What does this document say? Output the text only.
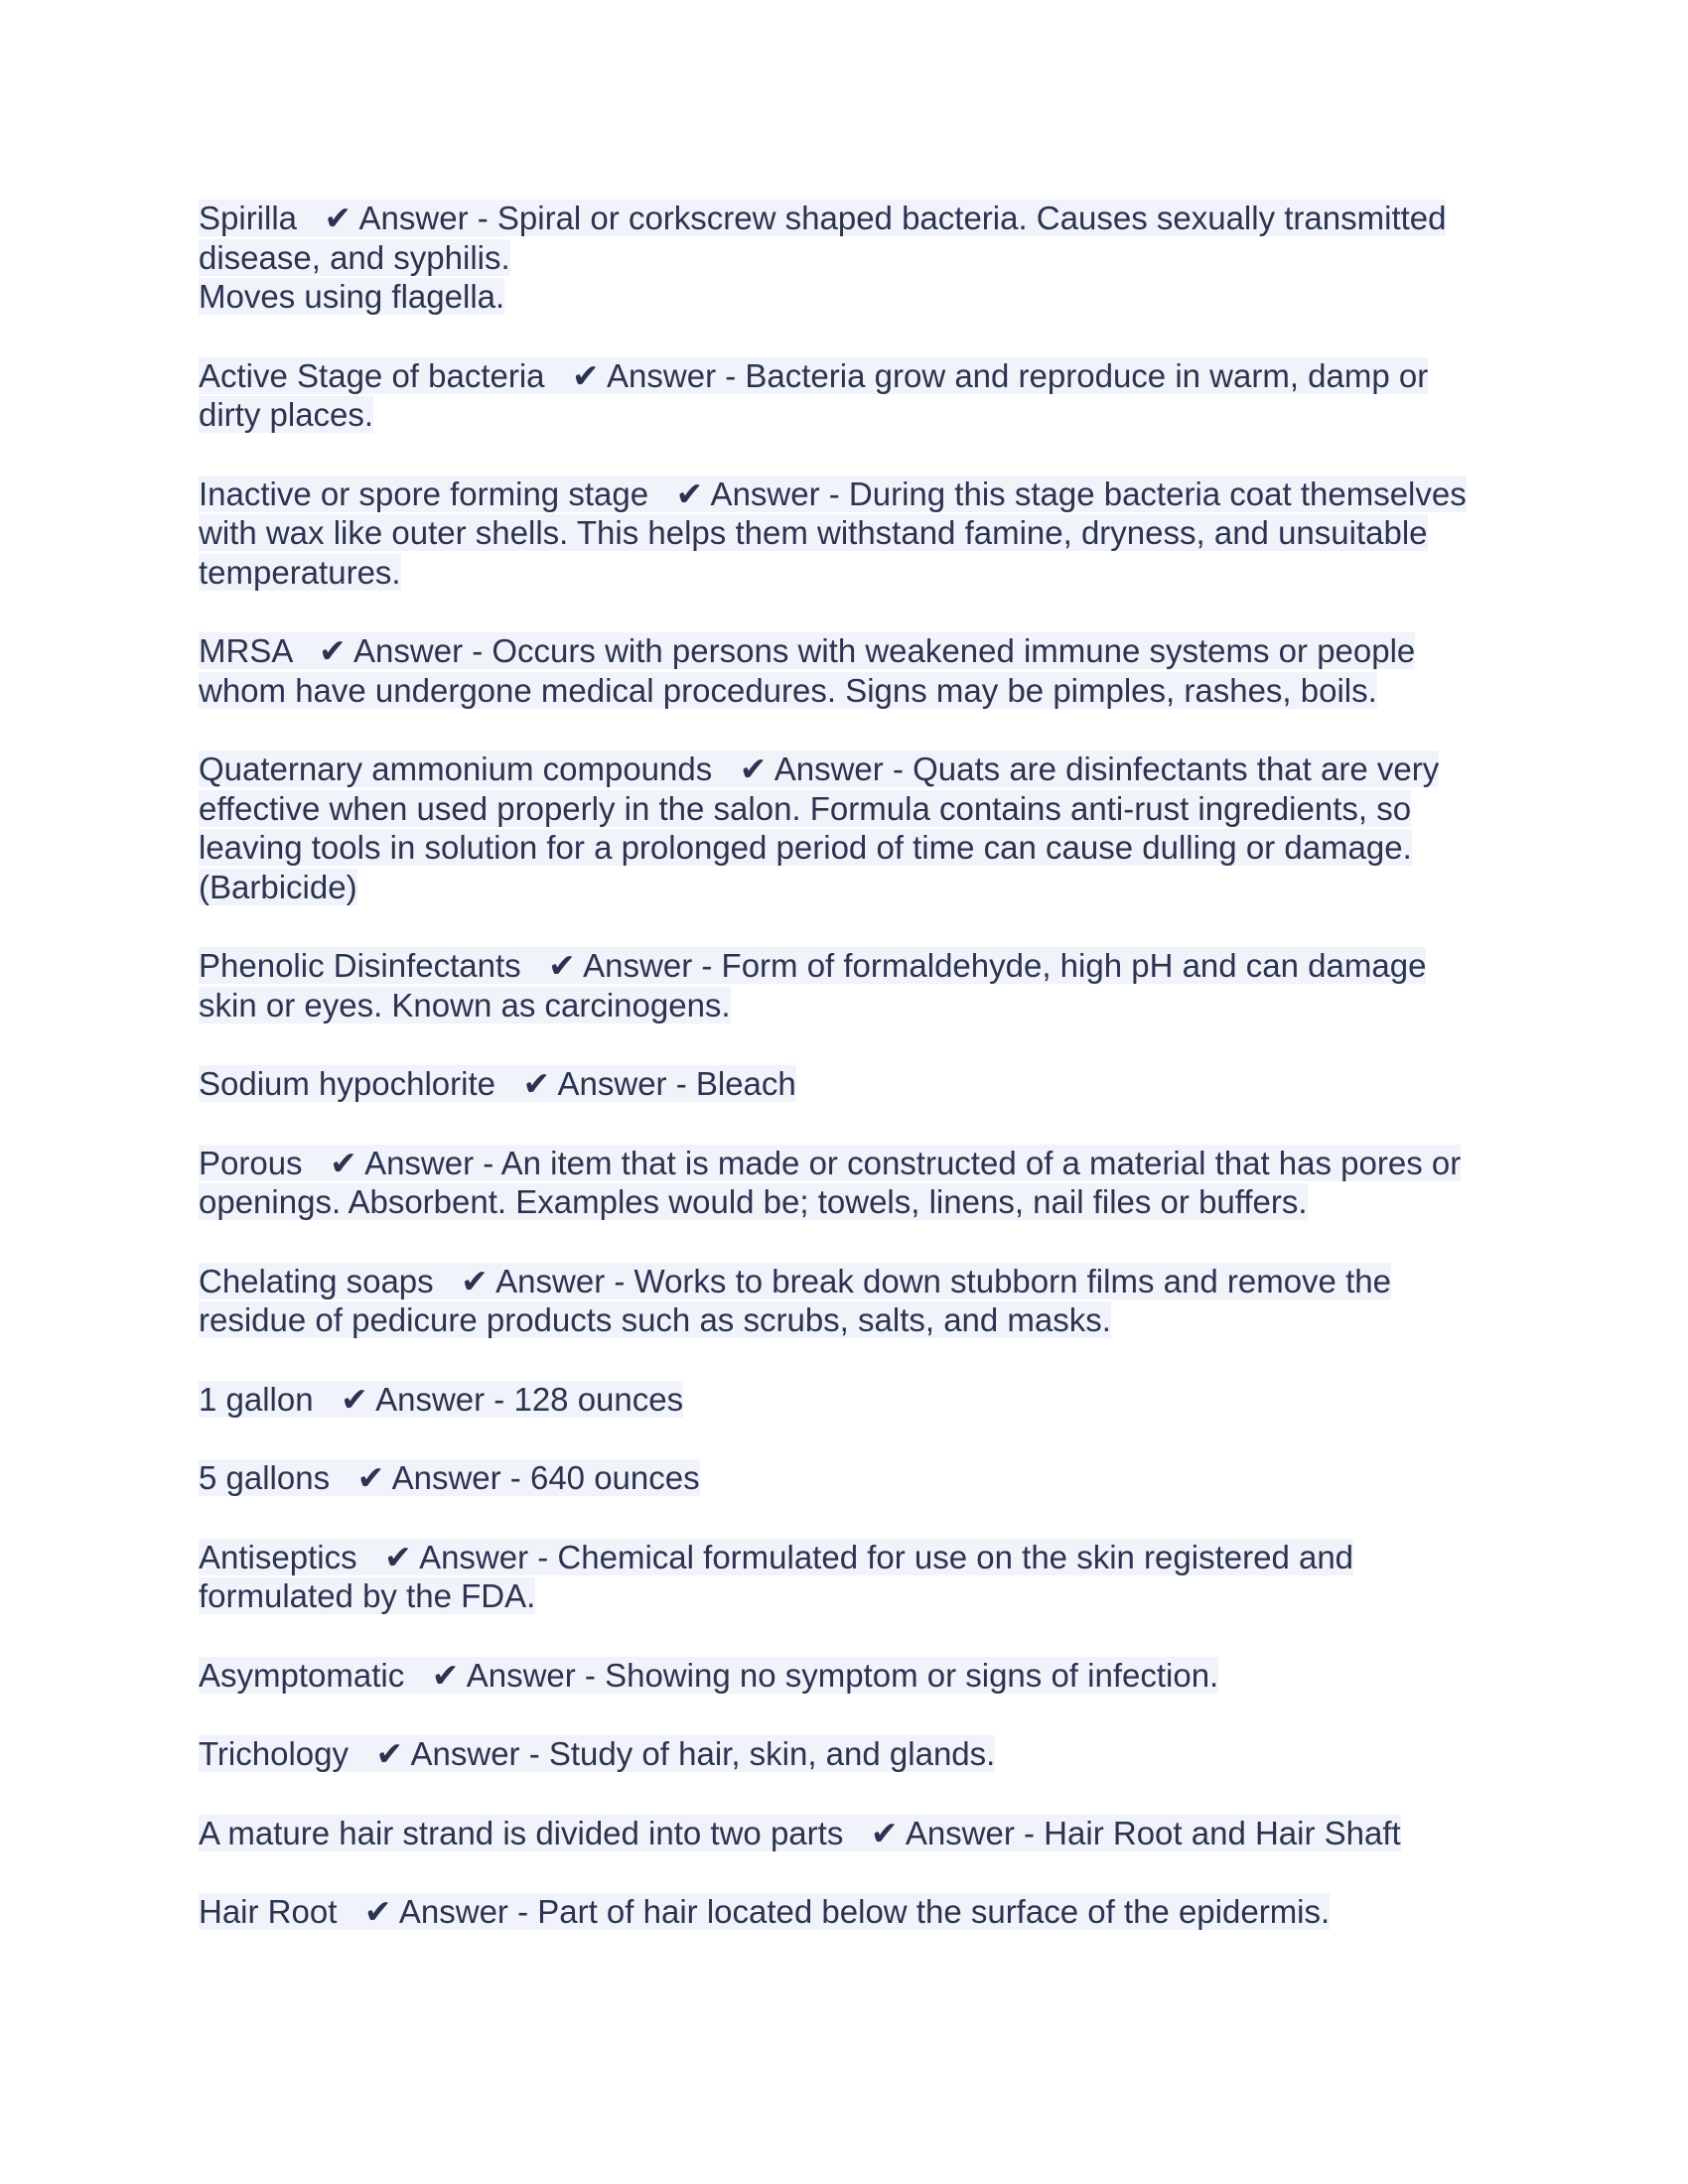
Spirilla   ✔ Answer - Spiral or corkscrew shaped bacteria. Causes sexually transmitted
disease, and syphilis.
Moves using flagella.
Active Stage of bacteria   ✔ Answer - Bacteria grow and reproduce in warm, damp or
dirty places.
Inactive or spore forming stage   ✔ Answer - During this stage bacteria coat themselves
with wax like outer shells. This helps them withstand famine, dryness, and unsuitable
temperatures.
MRSA   ✔ Answer - Occurs with persons with weakened immune systems or people
whom have undergone medical procedures. Signs may be pimples, rashes, boils.
Quaternary ammonium compounds   ✔ Answer - Quats are disinfectants that are very
effective when used properly in the salon. Formula contains anti-rust ingredients, so
leaving tools in solution for a prolonged period of time can cause dulling or damage.
(Barbicide)
Phenolic Disinfectants   ✔ Answer - Form of formaldehyde, high pH and can damage
skin or eyes. Known as carcinogens.
Sodium hypochlorite   ✔ Answer - Bleach
Porous   ✔ Answer - An item that is made or constructed of a material that has pores or
openings. Absorbent. Examples would be; towels, linens, nail files or buffers.
Chelating soaps   ✔ Answer - Works to break down stubborn films and remove the
residue of pedicure products such as scrubs, salts, and masks.
1 gallon   ✔ Answer - 128 ounces
5 gallons   ✔ Answer - 640 ounces
Antiseptics   ✔ Answer - Chemical formulated for use on the skin registered and
formulated by the FDA.
Asymptomatic   ✔ Answer - Showing no symptom or signs of infection.
Trichology   ✔ Answer - Study of hair, skin, and glands.
A mature hair strand is divided into two parts   ✔ Answer - Hair Root and Hair Shaft
Hair Root   ✔ Answer - Part of hair located below the surface of the epidermis.
